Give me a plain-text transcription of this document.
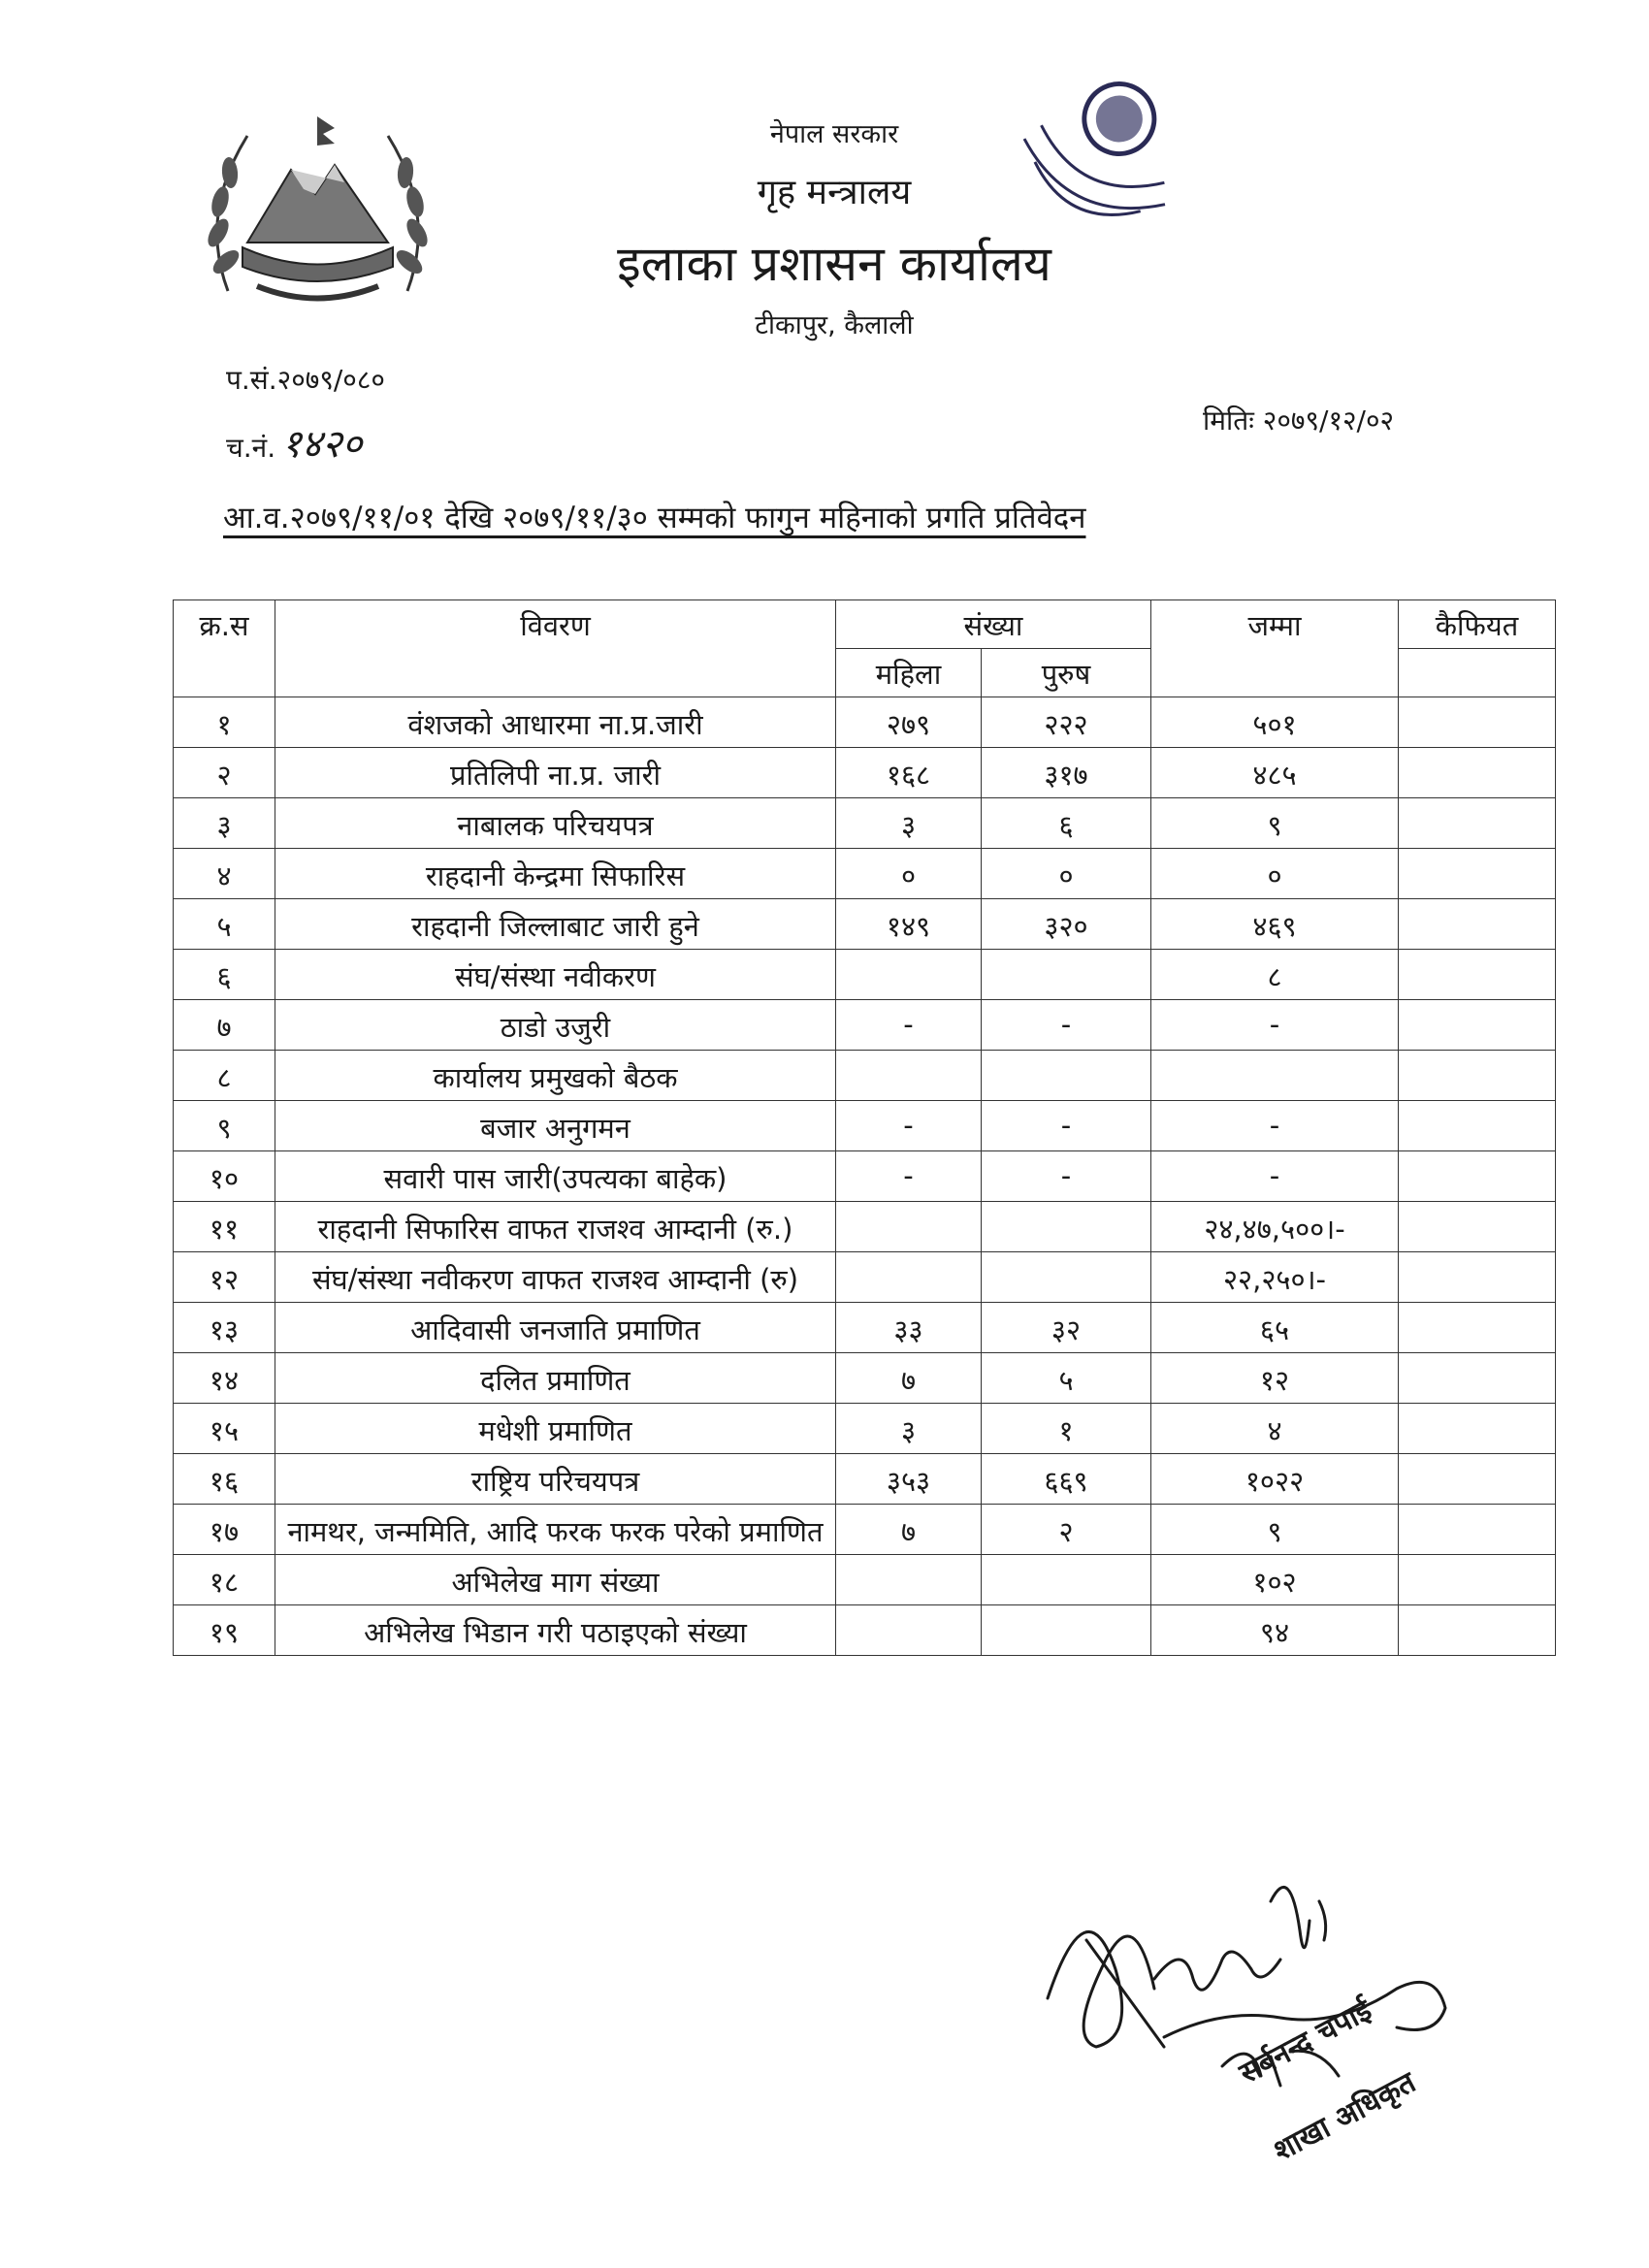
नेपाल सरकार
गृह मन्त्रालय
इलाका प्रशासन कार्यालय
टीकापुर, कैलाली
प.सं.२०७९/०८०
च.नं. १४२०
मितिः २०७९/१२/०२
आ.व.२०७९/११/०१ देखि २०७९/११/३० सम्मको फागुन महिनाको प्रगति प्रतिवेदन
क्र.स	विवरण	संख्या		जम्मा	कैफियत
		महिला	पुरुष		
१	वंशजको आधारमा ना.प्र.जारी	२७९	२२२	५०१	
२	प्रतिलिपी ना.प्र. जारी	१६८	३१७	४८५	
३	नाबालक परिचयपत्र	३	६	९	
४	राहदानी केन्द्रमा सिफारिस	०	०	०	
५	राहदानी जिल्लाबाट जारी हुने	१४९	३२०	४६९	
६	संघ/संस्था नवीकरण			८	
७	ठाडो उजुरी	-	-	-	
८	कार्यालय प्रमुखको बैठक				
९	बजार अनुगमन	-	-	-	
१०	सवारी पास जारी(उपत्यका बाहेक)	-	-	-	
११	राहदानी सिफारिस वाफत राजश्व आम्दानी (रु.)			२४,४७,५००।-	
१२	संघ/संस्था नवीकरण वाफत राजश्व आम्दानी (रु)			२२,२५०।-	
१३	आदिवासी जनजाति प्रमाणित	३३	३२	६५	
१४	दलित प्रमाणित	७	५	१२	
१५	मधेशी प्रमाणित	३	१	४	
१६	राष्ट्रिय परिचयपत्र	३५३	६६९	१०२२	
१७	नामथर, जन्ममिति, आदि फरक फरक परेको प्रमाणित	७	२	९	
१८	अभिलेख माग संख्या			१०२	
१९	अभिलेख भिडान गरी पठाइएको संख्या			९४	
सर्बनन्द चपाई
शाखा अधिकृत
